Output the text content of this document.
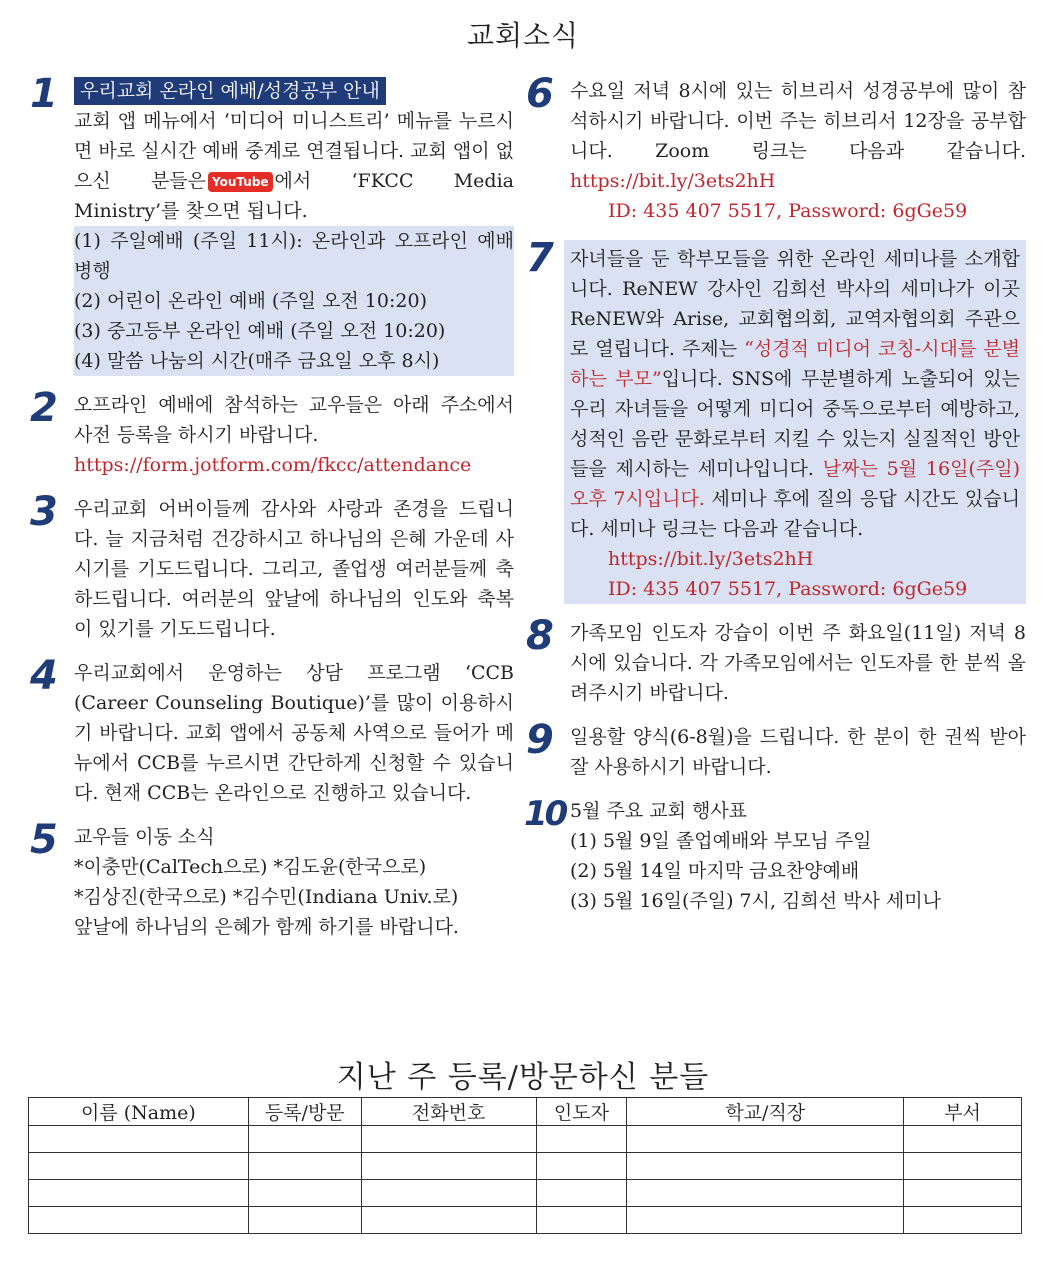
교회소식
1	우리교회 온라인 예배/성경공부 안내
교회 앱 메뉴에서 ‘미디어 미니스트리’ 메뉴를 누르시면 바로 실시간 예배 중계로 연결됩니다. 교회 앱이 없으신 분들은 YouTube 에서 ‘FKCC Media Ministry’를 찾으면 됩니다.
(1) 주일예배 (주일 11시): 온라인과 오프라인 예배 병행
(2) 어린이 온라인 예배 (주일 오전 10:20)
(3) 중고등부 온라인 예배 (주일 오전 10:20)
(4) 말씀 나눔의 시간(매주 금요일 오후 8시)
2 오프라인 예배에 참석하는 교우들은 아래 주소에서 사전 등록을 하시기 바랍니다.
https://form.jotform.com/fkcc/attendance
3 우리교회 어버이들께 감사와 사랑과 존경을 드립니다. 늘 지금처럼 건강하시고 하나님의 은혜 가운데 사시기를 기도드립니다. 그리고, 졸업생 여러분들께 축하드립니다. 여러분의 앞날에 하나님의 인도와 축복이 있기를 기도드립니다.
4 우리교회에서 운영하는 상담 프로그램 ‘CCB (Career Counseling Boutique)’를 많이 이용하시기 바랍니다. 교회 앱에서 공동체 사역으로 들어가 메뉴에서 CCB를 누르시면 간단하게 신청할 수 있습니다. 현재 CCB는 온라인으로 진행하고 있습니다.
5 교우들 이동 소식
*이충만(CalTech으로) *김도윤(한국으로)
*김상진(한국으로) *김수민(Indiana Univ.로)
앞날에 하나님의 은혜가 함께 하기를 바랍니다.
6 수요일 저녁 8시에 있는 히브리서 성경공부에 많이 참석하시기 바랍니다. 이번 주는 히브리서 12장을 공부합니다. Zoom 링크는 다음과 같습니다. https://bit.ly/3ets2hH
ID: 435 407 5517, Password: 6gGe59
7 자녀들을 둔 학부모들을 위한 온라인 세미나를 소개합니다. ReNEW 강사인 김희선 박사의 세미나가 이곳 ReNEW와 Arise, 교회협의회, 교역자협의회 주관으로 열립니다. 주제는 “성경적 미디어 코칭-시대를 분별하는 부모”입니다. SNS에 무분별하게 노출되어 있는 우리 자녀들을 어떻게 미디어 중독으로부터 예방하고, 성적인 음란 문화로부터 지킬 수 있는지 실질적인 방안들을 제시하는 세미나입니다. 날짜는 5월 16일(주일) 오후 7시입니다. 세미나 후에 질의 응답 시간도 있습니다. 세미나 링크는 다음과 같습니다.
https://bit.ly/3ets2hH
ID: 435 407 5517, Password: 6gGe59
8 가족모임 인도자 강습이 이번 주 화요일(11일) 저녁 8시에 있습니다. 각 가족모임에서는 인도자를 한 분씩 올려주시기 바랍니다.
9 일용할 양식(6-8월)을 드립니다. 한 분이 한 권씩 받아 잘 사용하시기 바랍니다.
10 5월 주요 교회 행사표
(1) 5월 9일 졸업예배와 부모님 주일
(2) 5월 14일 마지막 금요찬양예배
(3) 5월 16일(주일) 7시, 김희선 박사 세미나
지난 주 등록/방문하신 분들
이름 (Name)	등록/방문	전화번호	인도자	학교/직장	부서
